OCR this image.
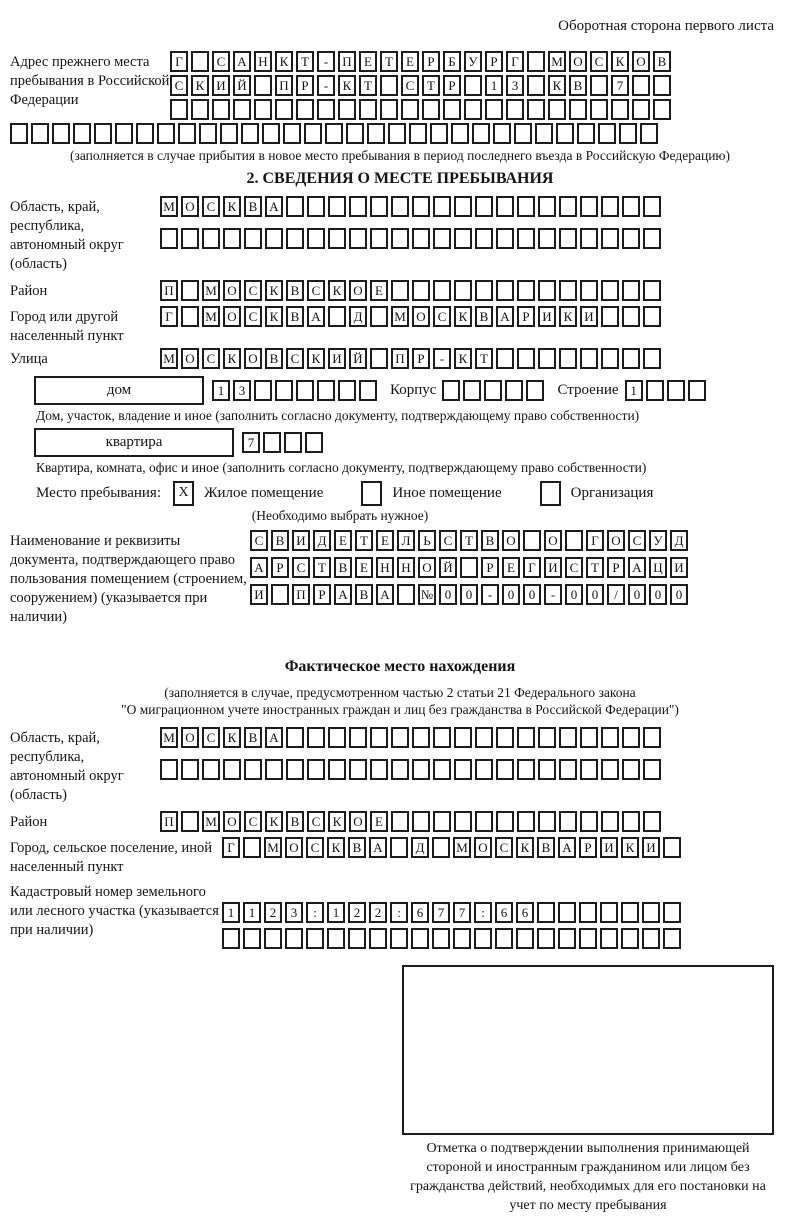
Оборотная сторона первого листа
Адрес прежнего места пребывания в Российской Федерации
Г	С А Н К Т	-	П Е	Т	Е	Р	Б У Р	Г	М О С К О В
С К И Й	П Р	-	К Т	С Т	Р	1	3	К В	7
(заполняется в случае прибытия в новое место пребывания в период последнего въезда в Российскую Федерацию)
2. СВЕДЕНИЯ О МЕСТЕ ПРЕБЫВАНИЯ
Область, край, республика, автономный округ (область)
М О С К В А
Район	П	М О С К В С К О Е
Город или другой населенный пункт
Г	М О С К В А	Д	М О С К В А Р И К И
Улица	М О С К О В С К И Й	П Р	-	К Т
дом	1	3	Корпус	Строение 1
Дом, участок, владение и иное (заполнить согласно документу, подтверждающему право собственности)
квартира	7
Квартира, комната, офис и иное (заполнить согласно документу, подтверждающему право собственности)
Место пребывания:	X	Жилое помещение	Иное помещение	Организация
(Необходимо выбрать нужное)
Наименование и реквизиты документа, подтверждающего право пользования помещением (строением, сооружением) (указывается при наличии)
С В И Д Е	Т	Е Л Ь С Т В О	О	Г О С У Д
А Р	С Т В Е Н Н О Й	Р	Е	Г И С Т	Р А Ц И
И	П Р А В А	№ 0	0	-	0	0	-	0	0	/	0	0	0
Фактическое место нахождения
(заполняется в случае, предусмотренном частью 2 статьи 21 Федерального закона
"О миграционном учете иностранных граждан и лиц без гражданства в Российской Федерации")
Область, край, республика, автономный округ (область)
М О С К В А
Район	П	М О С К В С К О Е
Город, сельское поселение, иной населенный пункт
Г	М О С К В А	Д	М О С К В А Р И К И
Кадастровый номер земельного или лесного участка (указывается при наличии)
1	1	2	3	:	1	2	2	:	6	7	7	:	6	6
Отметка о подтверждении выполнения принимающей стороной и иностранным гражданином или лицом без гражданства действий, необходимых для его постановки на учет по месту пребывания
